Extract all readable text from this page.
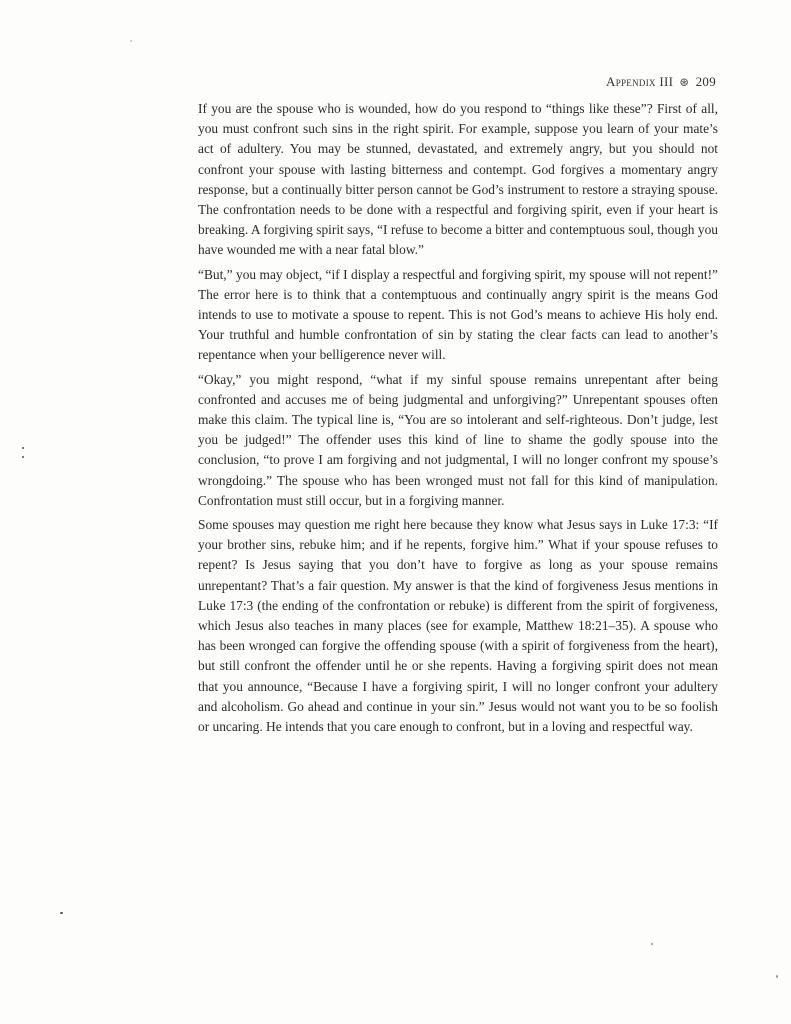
Appendix III ⊛ 209

If you are the spouse who is wounded, how do you respond to “things like these”? First of all, you must confront such sins in the right spirit. For example, suppose you learn of your mate’s act of adultery. You may be stunned, devastated, and extremely angry, but you should not confront your spouse with lasting bitterness and contempt. God forgives a momentary angry response, but a continually bitter person cannot be God’s instrument to restore a straying spouse. The confrontation needs to be done with a respectful and forgiving spirit, even if your heart is breaking. A forgiving spirit says, “I refuse to become a bitter and contemptuous soul, though you have wounded me with a near fatal blow.”

“But,” you may object, “if I display a respectful and forgiving spirit, my spouse will not repent!” The error here is to think that a contemptuous and continually angry spirit is the means God intends to use to motivate a spouse to repent. This is not God’s means to achieve His holy end. Your truthful and humble confrontation of sin by stating the clear facts can lead to another’s repentance when your belligerence never will.

“Okay,” you might respond, “what if my sinful spouse remains unrepentant after being confronted and accuses me of being judgmental and unforgiving?” Unrepentant spouses often make this claim. The typical line is, “You are so intolerant and self-righteous. Don’t judge, lest you be judged!” The offender uses this kind of line to shame the godly spouse into the conclusion, “to prove I am forgiving and not judgmental, I will no longer confront my spouse’s wrongdoing.” The spouse who has been wronged must not fall for this kind of manipulation. Confrontation must still occur, but in a forgiving manner.

Some spouses may question me right here because they know what Jesus says in Luke 17:3: “If your brother sins, rebuke him; and if he repents, forgive him.” What if your spouse refuses to repent? Is Jesus saying that you don’t have to forgive as long as your spouse remains unrepentant? That’s a fair question. My answer is that the kind of forgiveness Jesus mentions in Luke 17:3 (the ending of the confrontation or rebuke) is different from the spirit of forgiveness, which Jesus also teaches in many places (see for example, Matthew 18:21–35). A spouse who has been wronged can forgive the offending spouse (with a spirit of forgiveness from the heart), but still confront the offender until he or she repents. Having a forgiving spirit does not mean that you announce, “Because I have a forgiving spirit, I will no longer confront your adultery and alcoholism. Go ahead and continue in your sin.” Jesus would not want you to be so foolish or uncaring. He intends that you care enough to confront, but in a loving and respectful way.
